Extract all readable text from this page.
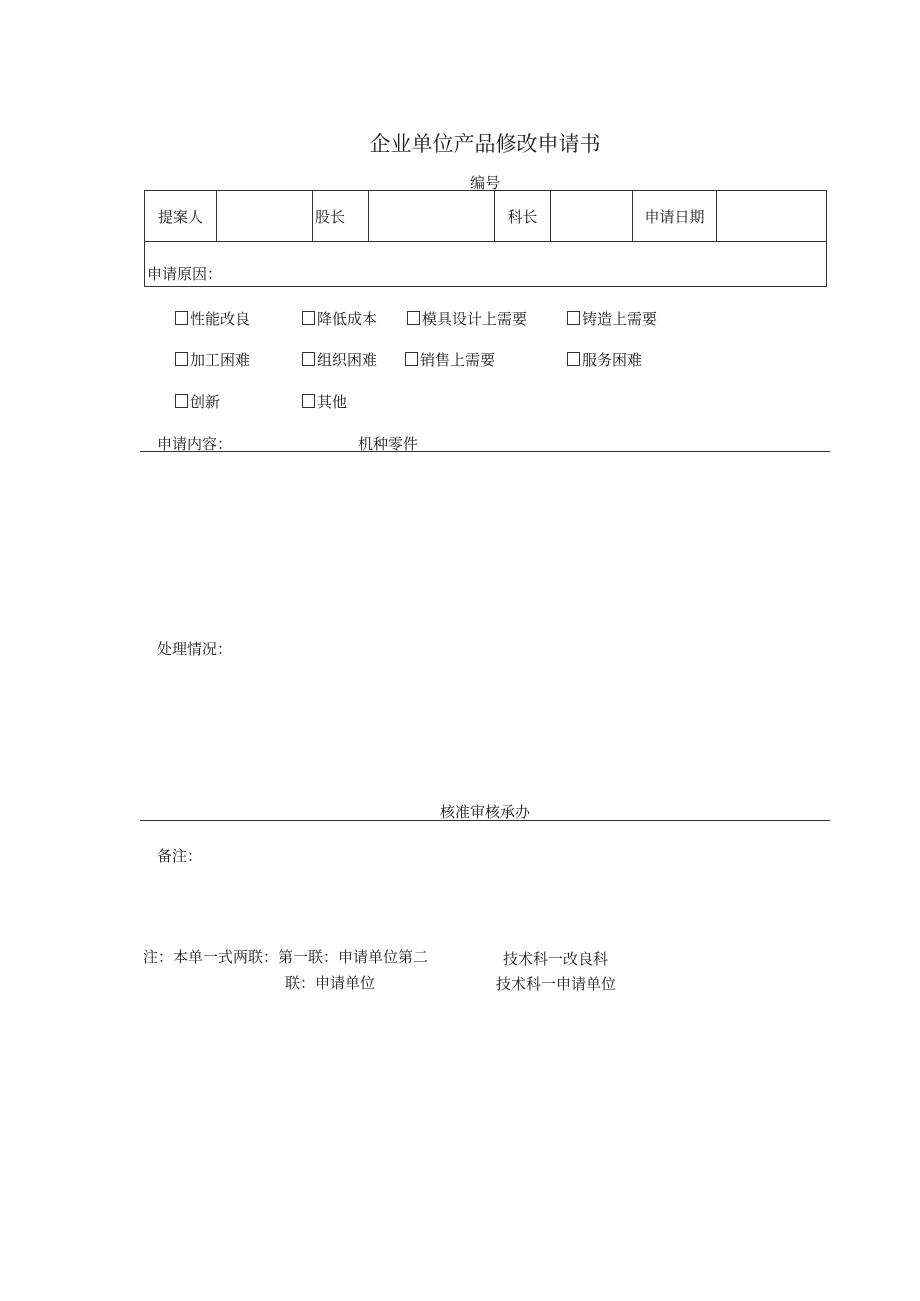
企业单位产品修改申请书
编号
提案人		股长		科长		申请日期	
申请原因：
性能改良	降低成本	模具设计上需要	铸造上需要
加工困难	组织困难	销售上需要	服务困难
创新	其他
申请内容：	机种零件
处理情况：
核准审核承办
备注：
注：本单一式两联：第一联：申请单位第二
联：申请单位
技术科一改良科
技术科一申请单位
